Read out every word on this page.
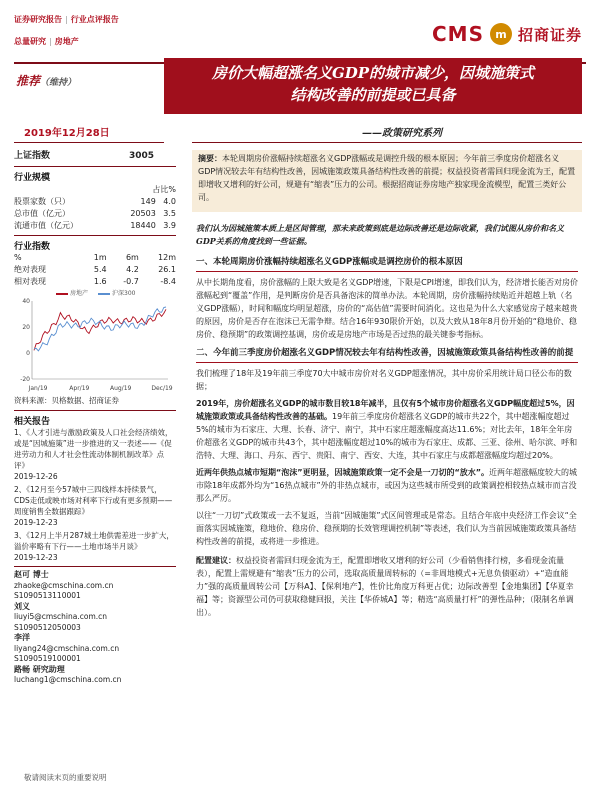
证券研究报告 | 行业点评报告
总量研究 | 房地产	CMS	m 招商证券
推荐（维持）
房价大幅超涨名义GDP的城市减少，因城施策式
结构改善的前提或已具备
2019年12月28日	——政策研究系列
上证指数	3005
行业规模
占比%
股票家数（只）	149	4.0
总市值（亿元）	20503	3.5
流通市值（亿元）	18440	3.9
行业指数
%	1m	6m	12m
绝对表现	5.4	4.2	26.1
相对表现	1.6	-0.7	-8.4
房地产	沪深300
40
20
0
-20
Jan/19	Apr/19	Aug/19	Dec/19
资料来源：贝格数据、招商证券
相关报告

1、《人才引进与激励政策及人口社会经济绩效，或是“因城施策”进一步推进的又一表述——《促进劳动力和人才社会性流动体制机制改革》点评》
2019-12-26

2、《12月至今57城中三四线样本持续景气，CDS走低或映市场对利率下行或有更多预期——周度销售全数据跟踪》
2019-12-23

3、《12月上半月287城土地供需差进一步扩大，溢价率略有下行——土地市场半月谈》
2019-12-23

赵可 博士
zhaoke@cmschina.com.cn
S1090513110001
刘义
liuyi5@cmschina.com.cn
S1090512050003
李洋
liyang24@cmschina.com.cn
S1090519100001
路畅 研究助理
luchang1@cmschina.com.cn
摘要：本轮周期房价涨幅持续超涨名义GDP涨幅或是调控升级的根本原因；今年前三季度房价超涨名义GDP情况较去年有结构性改善，因城施策政策具备结构性改善的前提；权益投资者需回归现金流为王，配置即增收又增利的好公司，规避有“缩表”压力的公司。根据招商证券房地产独家现金流模型，配置三类好公司。
我们认为因城施策本质上是区间管理，那未来政策到底是边际改善还是边际收紧，我们试图从房价和名义GDP关系的角度找到一些证据。
一、本轮周期房价涨幅持续超涨名义GDP涨幅或是调控房价的根本原因
从中长期角度看，房价涨幅的上限大致是名义GDP增速，下限是CPI增速，即我们认为，经济增长能否对房价涨幅起到“覆盖”作用，是判断房价是否具备泡沫的简单办法。本轮周期，房价涨幅持续贴近并超越上轨（名义GDP涨幅），时间和幅度均明显超涨，房价的“高估值”需要时间消化。这也是为什么大家感觉房子越来越贵的原因，房价是否存在泡沫已无需争辩。结合16年930限价开始，以及大致从18年8月份开始的“稳地价、稳房价、稳预期”的政策调控基调，房价或是房地产市场是否过热的最关键参考指标。
二、今年前三季度房价超涨名义GDP情况较去年有结构性改善，因城施策政策具备结构性改善的前提
我们梳理了18年及19年前三季度70大中城市房价对名义GDP超涨情况，其中房价采用统计局口径公布的数据；
2019年，房价超涨名义GDP的城市数目较18年减半，且仅有5个城市房价超涨名义GDP幅度超过5%，因城施策政策或具备结构性改善的基础。19年前三季度房价超涨名义GDP的城市共22个，其中超涨幅度超过5%的城市为石家庄、大理、长春、济宁、南宁，其中石家庄超涨幅度高达11.6%；对比去年，18年全年房价超涨名义GDP的城市共43个，其中超涨幅度超过10%的城市为石家庄、成都、三亚、徐州、哈尔滨、呼和浩特、大理、海口、丹东、西宁、贵阳、南宁、西安、大连，其中石家庄与成都超涨幅度均超过20%。
近两年供热点城市短期“泡沫”更明显，因城施策政策一定不会是一刀切的“放水”。近两年超涨幅度较大的城市除18年成都外均为“16热点城市”外的非热点城市，或因为这些城市所受到的政策调控相较热点城市而言没那么严厉。
以往“一刀切”式政策或一去不复返，当前“因城施策”式区间管理或是常态。且结合年底中央经济工作会议“全面落实因城施策，稳地价、稳房价、稳预期的长效管理调控机制”等表述，我们认为当前因城施策政策具备结构性改善的前提，或将进一步推进。
配置建议：权益投资者需回归现金流为王，配置即增收又增利的好公司（少看销售排行榜，多看现金流量表），配置上需规避有“缩表”压力的公司，选取高质量周转标的（=非周地模式+无息负债驱动）+“造血能力”强的高质量周转公司【万科A】、【保利地产】，性价比角度万科更占优；边际改善型【金地集团】【华夏幸福】等；资源型公司仍可获取稳健回报，关注【华侨城A】等；精选“高质量打杆”的弹性品种；（限制名单调出）。
敬请阅读末页的重要说明
